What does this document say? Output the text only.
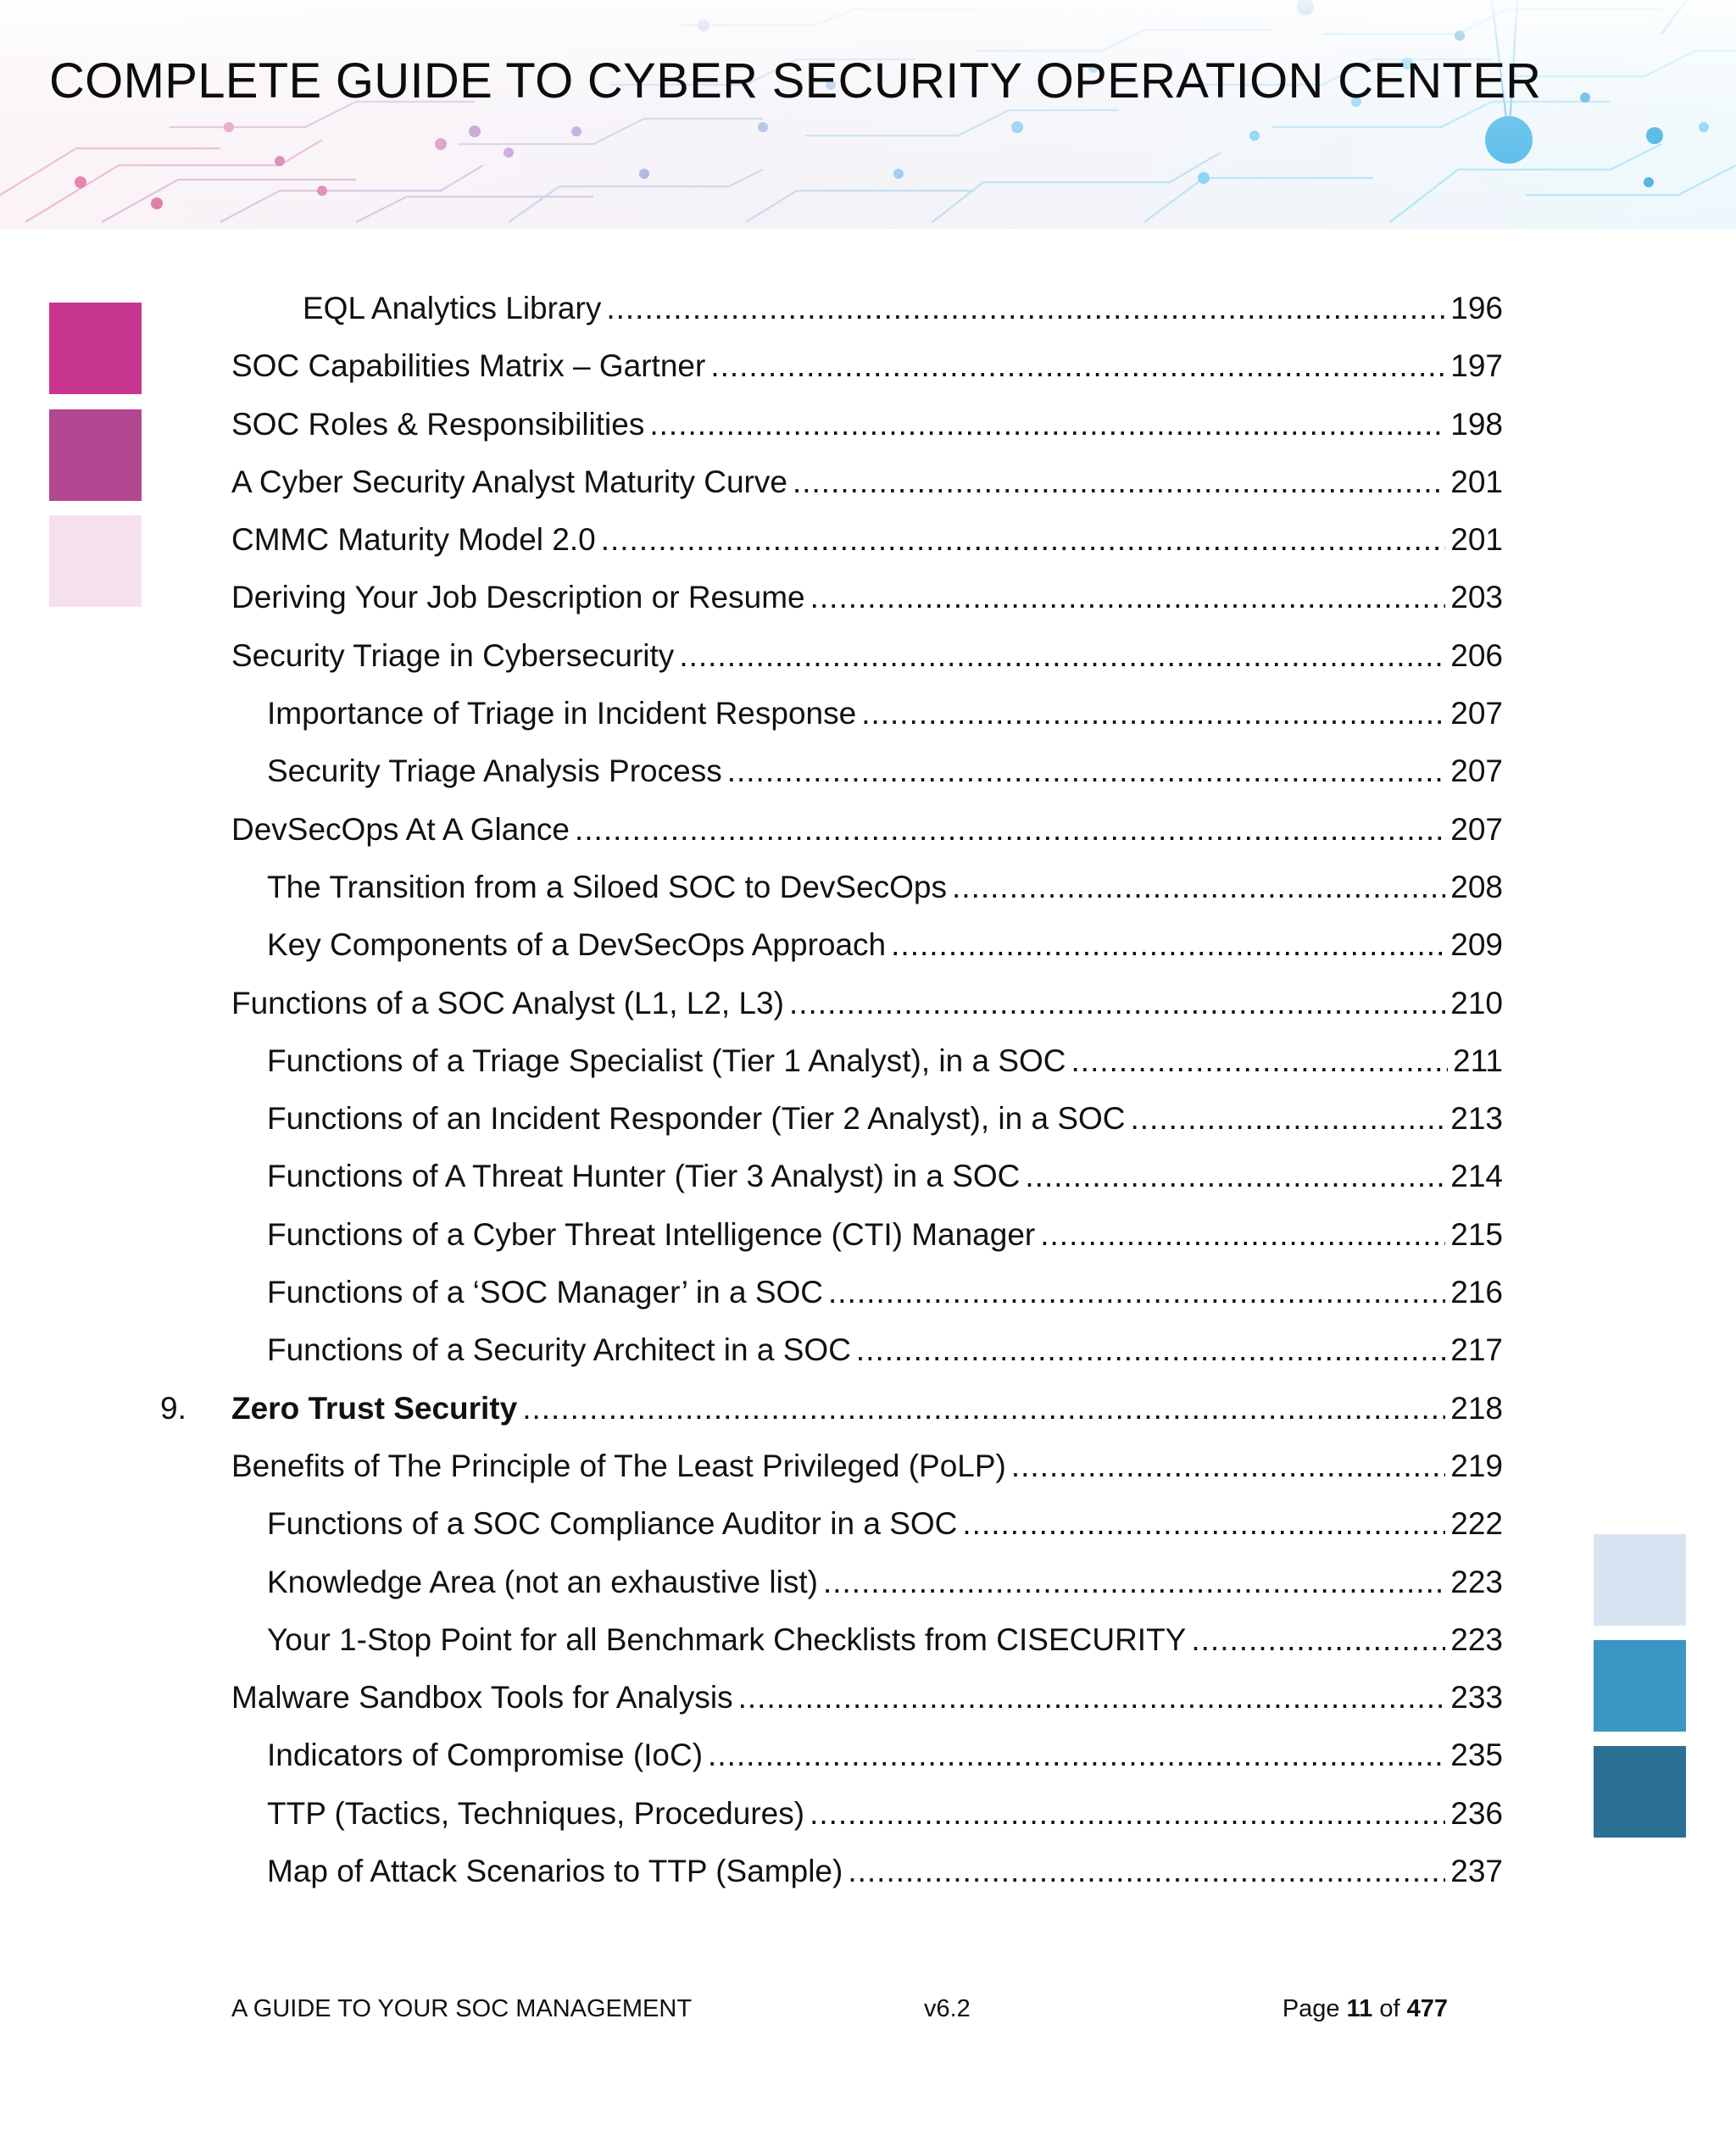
COMPLETE GUIDE TO CYBER SECURITY OPERATION CENTER
EQL Analytics Library .....	196
SOC Capabilities Matrix – Gartner .....	197
SOC Roles & Responsibilities .....	198
A Cyber Security Analyst Maturity Curve .....	201
CMMC Maturity Model 2.0 .....	201
Deriving Your Job Description or Resume .....	203
Security Triage in Cybersecurity .....	206
Importance of Triage in Incident Response .....	207
Security Triage Analysis Process .....	207
DevSecOps At A Glance .....	207
The Transition from a Siloed SOC to DevSecOps .....	208
Key Components of a DevSecOps Approach .....	209
Functions of a SOC Analyst (L1, L2, L3) .....	210
Functions of a Triage Specialist (Tier 1 Analyst), in a SOC .....	211
Functions of an Incident Responder (Tier 2 Analyst), in a SOC .....	213
Functions of A Threat Hunter (Tier 3 Analyst) in a SOC .....	214
Functions of a Cyber Threat Intelligence (CTI) Manager .....	215
Functions of a ‘SOC Manager’ in a SOC .....	216
Functions of a Security Architect in a SOC .....	217
9. Zero Trust Security .....	218
Benefits of The Principle of The Least Privileged (PoLP) .....	219
Functions of a SOC Compliance Auditor in a SOC .....	222
Knowledge Area (not an exhaustive list) .....	223
Your 1-Stop Point for all Benchmark Checklists from CISECURITY .....	223
Malware Sandbox Tools for Analysis .....	233
Indicators of Compromise (IoC) .....	235
TTP (Tactics, Techniques, Procedures) .....	236
Map of Attack Scenarios to TTP (Sample) .....	237
A GUIDE TO YOUR SOC MANAGEMENT	v6.2	Page 11 of 477
